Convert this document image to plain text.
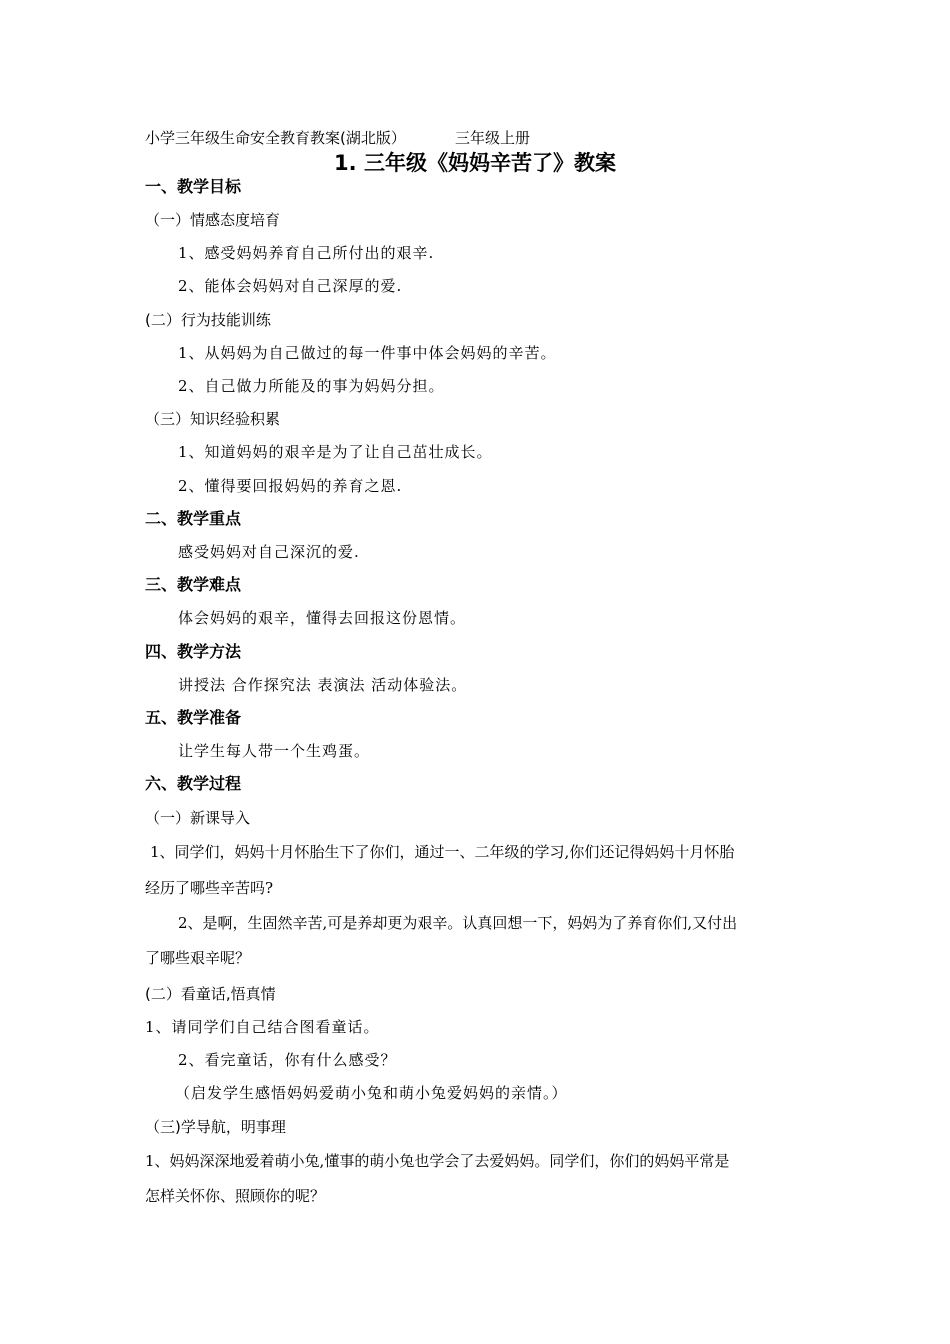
小学三年级生命安全教育教案(湖北版）	三年级上册
1. 三年级《妈妈辛苦了》教案
一、教学目标
（一）情感态度培育
1、感受妈妈养育自己所付出的艰辛.
2、能体会妈妈对自己深厚的爱.
(二）行为技能训练
1、从妈妈为自己做过的每一件事中体会妈妈的辛苦。
2、自己做力所能及的事为妈妈分担。
（三）知识经验积累
1、知道妈妈的艰辛是为了让自己茁壮成长。
2、懂得要回报妈妈的养育之恩.
二、教学重点
感受妈妈对自己深沉的爱.
三、教学难点
体会妈妈的艰辛，懂得去回报这份恩情。
四、教学方法
讲授法 合作探究法 表演法 活动体验法。
五、教学准备
让学生每人带一个生鸡蛋。
六、教学过程
（一）新课导入
1、同学们，妈妈十月怀胎生下了你们，通过一、二年级的学习,你们还记得妈妈十月怀胎
经历了哪些辛苦吗?
2、是啊，生固然辛苦,可是养却更为艰辛。认真回想一下，妈妈为了养育你们,又付出
了哪些艰辛呢？
(二）看童话,悟真情
1、请同学们自己结合图看童话。
2、看完童话，你有什么感受？
（启发学生感悟妈妈爱萌小兔和萌小兔爱妈妈的亲情。）
（三)学导航，明事理
1、妈妈深深地爱着萌小兔,懂事的萌小兔也学会了去爱妈妈。同学们，你们的妈妈平常是
怎样关怀你、照顾你的呢？
